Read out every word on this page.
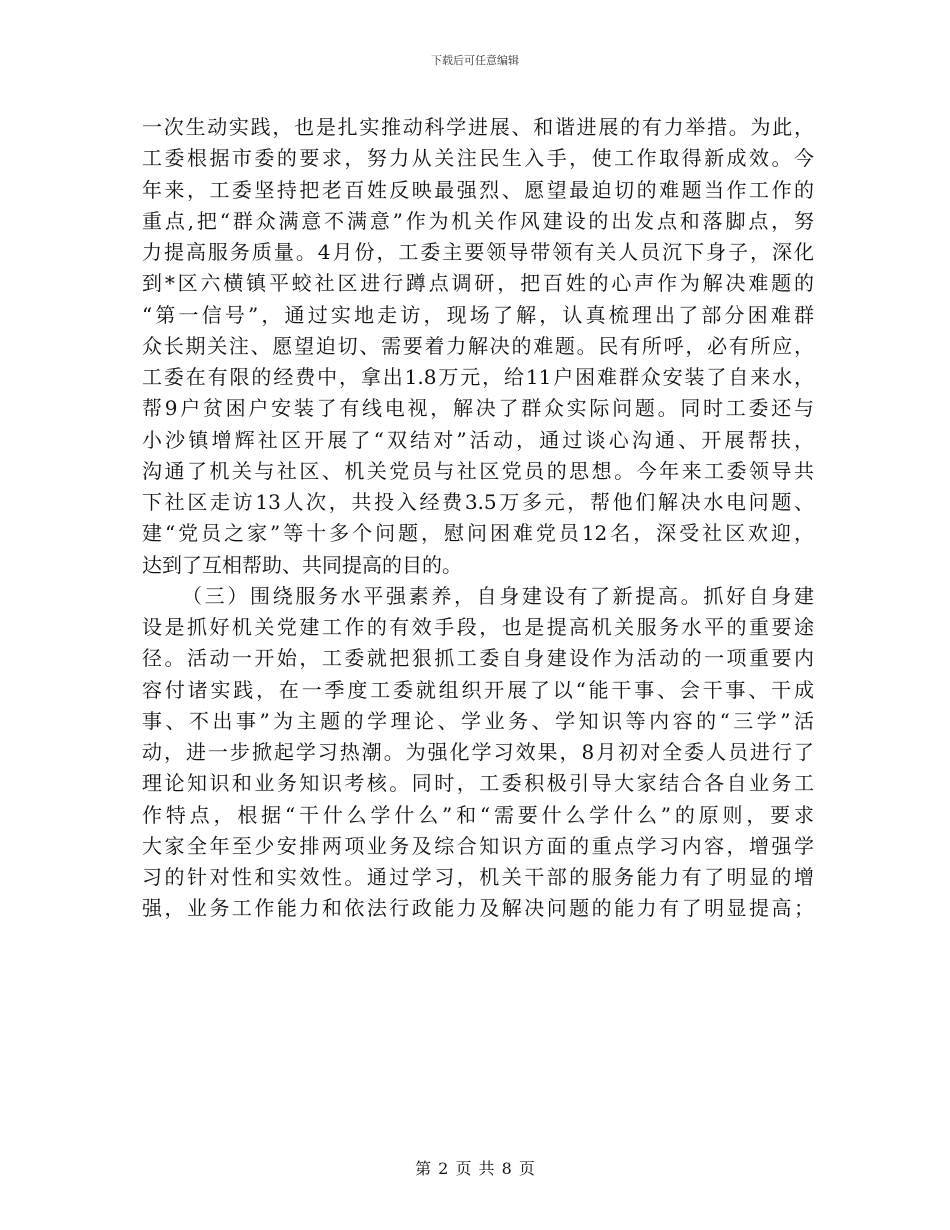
下载后可任意编辑
一次生动实践，也是扎实推动科学进展、和谐进展的有力举措。为此，
工委根据市委的要求，努力从关注民生入手，使工作取得新成效。今
年来，工委坚持把老百姓反映最强烈、愿望最迫切的难题当作工作的
重点,把“群众满意不满意”作为机关作风建设的出发点和落脚点，努
力提高服务质量。4月份，工委主要领导带领有关人员沉下身子，深化
到*区六横镇平蛟社区进行蹲点调研，把百姓的心声作为解决难题的
“第一信号”，通过实地走访，现场了解，认真梳理出了部分困难群
众长期关注、愿望迫切、需要着力解决的难题。民有所呼，必有所应，
工委在有限的经费中，拿出1.8万元，给11户困难群众安装了自来水，
帮9户贫困户安装了有线电视，解决了群众实际问题。同时工委还与
小沙镇增辉社区开展了“双结对”活动，通过谈心沟通、开展帮扶，
沟通了机关与社区、机关党员与社区党员的思想。今年来工委领导共
下社区走访13人次，共投入经费3.5万多元，帮他们解决水电问题、
建“党员之家”等十多个问题，慰问困难党员12名，深受社区欢迎，
达到了互相帮助、共同提高的目的。
（三）围绕服务水平强素养，自身建设有了新提高。抓好自身建
设是抓好机关党建工作的有效手段，也是提高机关服务水平的重要途
径。活动一开始，工委就把狠抓工委自身建设作为活动的一项重要内
容付诸实践，在一季度工委就组织开展了以“能干事、会干事、干成
事、不出事”为主题的学理论、学业务、学知识等内容的“三学”活
动，进一步掀起学习热潮。为强化学习效果，8月初对全委人员进行了
理论知识和业务知识考核。同时，工委积极引导大家结合各自业务工
作特点，根据“干什么学什么”和“需要什么学什么”的原则，要求
大家全年至少安排两项业务及综合知识方面的重点学习内容，增强学
习的针对性和实效性。通过学习，机关干部的服务能力有了明显的增
强，业务工作能力和依法行政能力及解决问题的能力有了明显提高；
第 2 页 共 8 页
